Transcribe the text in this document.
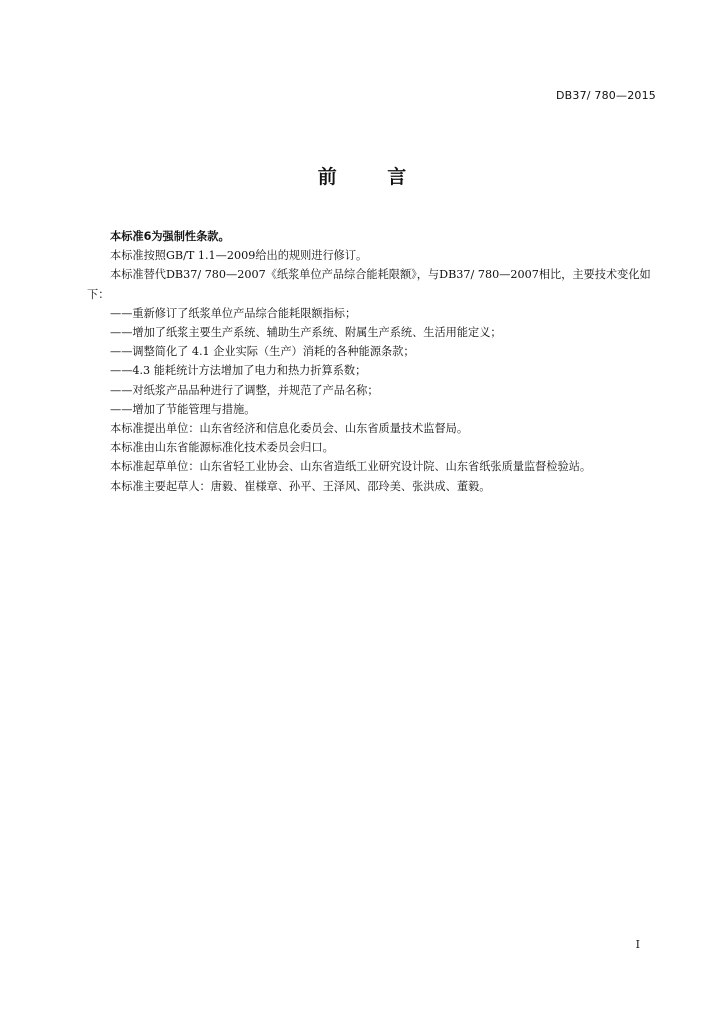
DB37/ 780—2015
前 言

本标准6为强制性条款。

本标准按照GB/T 1.1—2009给出的规则进行修订。

本标准替代DB37/ 780—2007《纸浆单位产品综合能耗限额》，与DB37/ 780—2007相比，主要技术变化如下：

——重新修订了纸浆单位产品综合能耗限额指标；

——增加了纸浆主要生产系统、辅助生产系统、附属生产系统、生活用能定义；

——调整简化了 4.1 企业实际（生产）消耗的各种能源条款；

——4.3 能耗统计方法增加了电力和热力折算系数；

——对纸浆产品品种进行了调整，并规范了产品名称；

——增加了节能管理与措施。

本标准提出单位：山东省经济和信息化委员会、山东省质量技术监督局。

本标准由山东省能源标准化技术委员会归口。

本标准起草单位：山东省轻工业协会、山东省造纸工业研究设计院、山东省纸张质量监督检验站。

本标准主要起草人：唐毅、崔様章、孙平、王泽风、邵玲美、张洪成、董毅。

I
